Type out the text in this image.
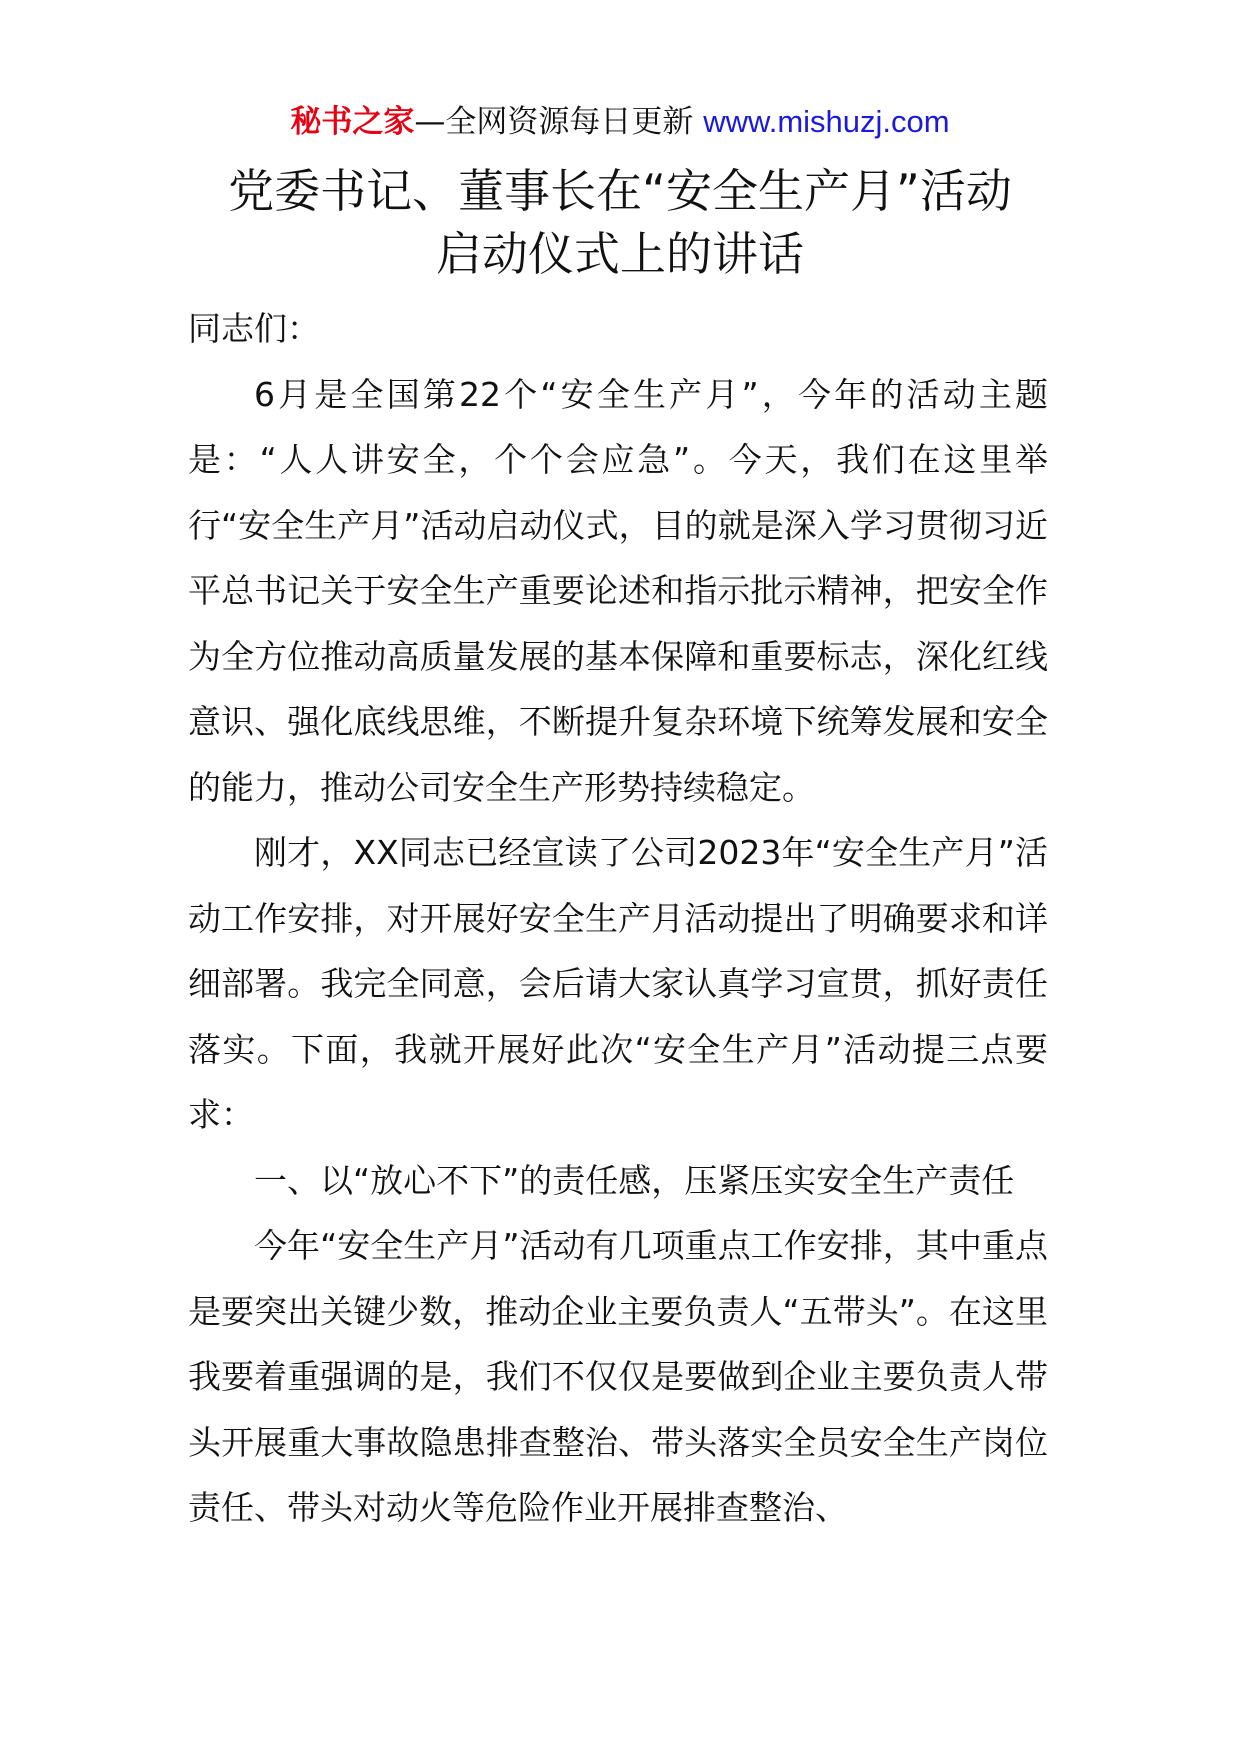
秘书之家—全网资源每日更新 www.mishuzj.com
党委书记、董事长在“安全生产月”活动
启动仪式上的讲话

同志们：

6月是全国第22个“安全生产月”，今年的活动主题是：“人人讲安全，个个会应急”。今天，我们在这里举行“安全生产月”活动启动仪式，目的就是深入学习贯彻习近平总书记关于安全生产重要论述和指示批示精神，把安全作为全方位推动高质量发展的基本保障和重要标志，深化红线意识、强化底线思维，不断提升复杂环境下统筹发展和安全的能力，推动公司安全生产形势持续稳定。

刚才，XX同志已经宣读了公司2023年“安全生产月”活动工作安排，对开展好安全生产月活动提出了明确要求和详细部署。我完全同意，会后请大家认真学习宣贯，抓好责任落实。下面，我就开展好此次“安全生产月”活动提三点要求：

一、以“放心不下”的责任感，压紧压实安全生产责任

今年“安全生产月”活动有几项重点工作安排，其中重点是要突出关键少数，推动企业主要负责人“五带头”。在这里我要着重强调的是，我们不仅仅是要做到企业主要负责人带头开展重大事故隐患排查整治、带头落实全员安全生产岗位责任、带头对动火等危险作业开展排查整治、
